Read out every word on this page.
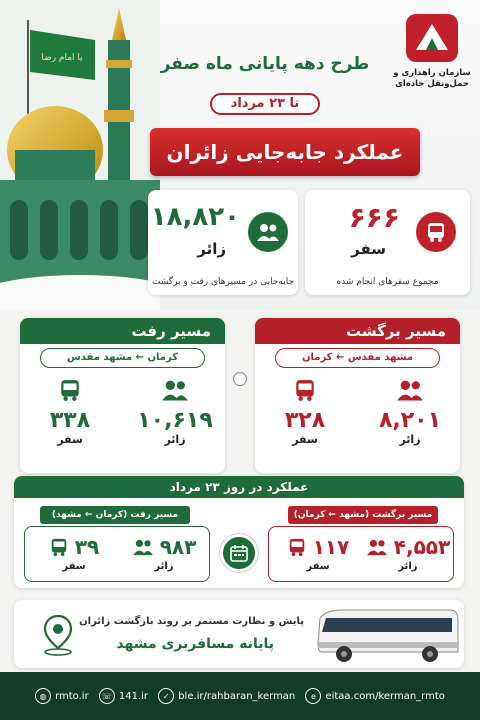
یا امام رضا
سازمان راهداری و حمل‌ونقل جاده‌ای
طرح دهه پایانی ماه صفر
تا ۲۳ مرداد
عملکرد جابه‌جایی زائران
۶۶۶
سفر
مجموع سفرهای انجام شده
۱۸,۸۲۰
زائر
جابه‌جایی در مسیرهای رفت و برگشت
مسیر برگشت
مشهد مقدس ← کرمان
۸,۲۰۱
زائر
۳۲۸
سفر
مسیر رفت
کرمان ← مشهد مقدس
۱۰,۶۱۹
زائر
۳۳۸
سفر
عملکرد در روز ۲۳ مرداد
مسیر برگشت (مشهد ← کرمان)
۴,۵۵۳
زائر
۱۱۷
سفر
مسیر رفت (کرمان ← مشهد)
۹۸۳
زائر
۳۹
سفر
پایش و نظارت مستمر بر روند بازگشت زائران
پایانه مسافربری مشهد
◍ rmto.ir	☏ 141.ir	✓ ble.ir/rahbaran_kerman	e eitaa.com/kerman_rmto
